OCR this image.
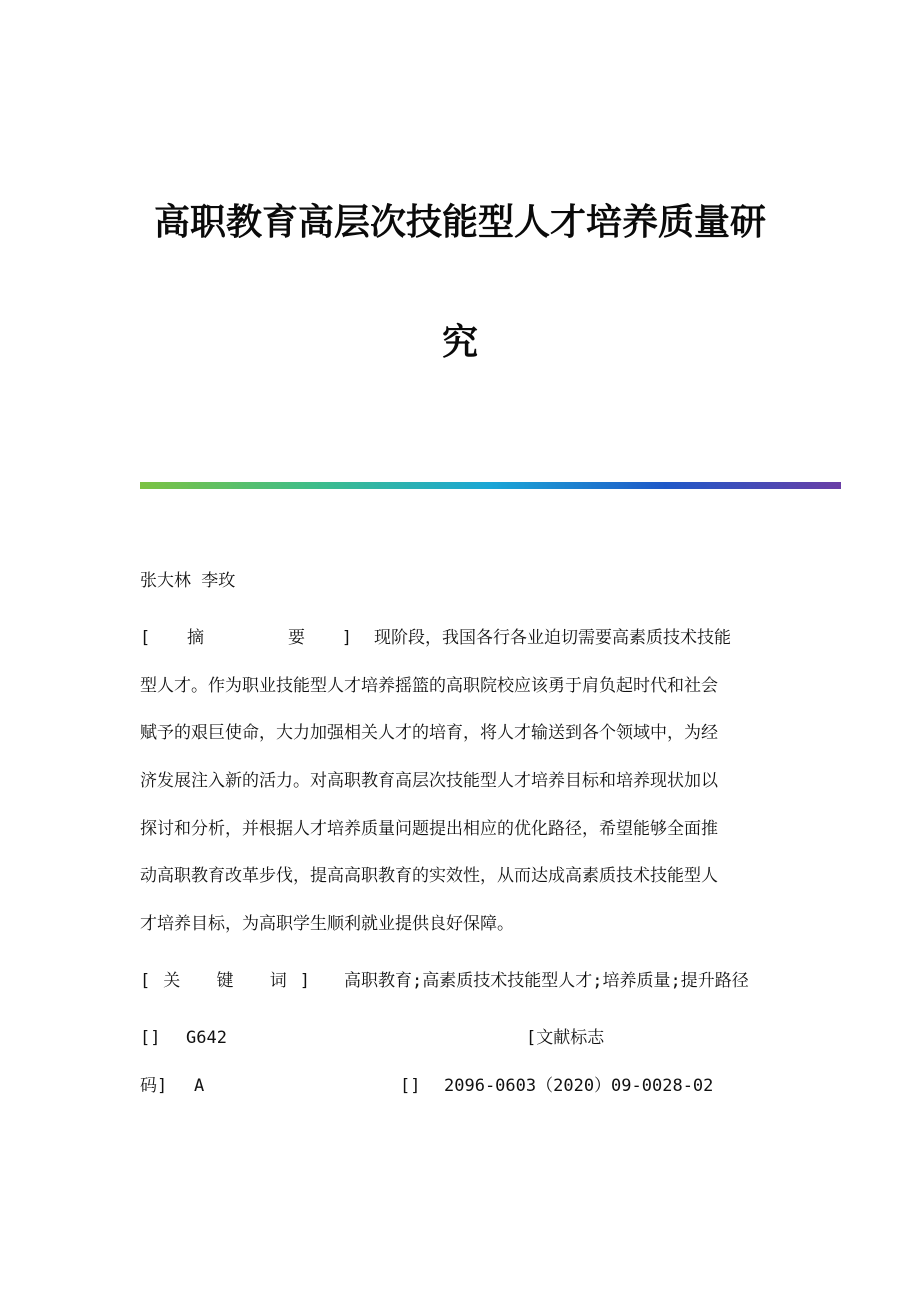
高职教育高层次技能型人才培养质量研
究
张大林 李玫
[摘	要] 现阶段，我国各行各业迫切需要高素质技术技能
型人才。作为职业技能型人才培养摇篮的高职院校应该勇于肩负起时代和社会
赋予的艰巨使命，大力加强相关人才的培育，将人才输送到各个领域中，为经
济发展注入新的活力。对高职教育高层次技能型人才培养目标和培养现状加以
探讨和分析，并根据人才培养质量问题提出相应的优化路径，希望能够全面推
动高职教育改革步伐，提高高职教育的实效性，从而达成高素质技术技能型人
才培养目标，为高职学生顺利就业提供良好保障。
[关 键 词] 高职教育;高素质技术技能型人才;培养质量;提升路径
[] G642	[文献标志
码] A	[] 2096-0603（2020）09-0028-02
